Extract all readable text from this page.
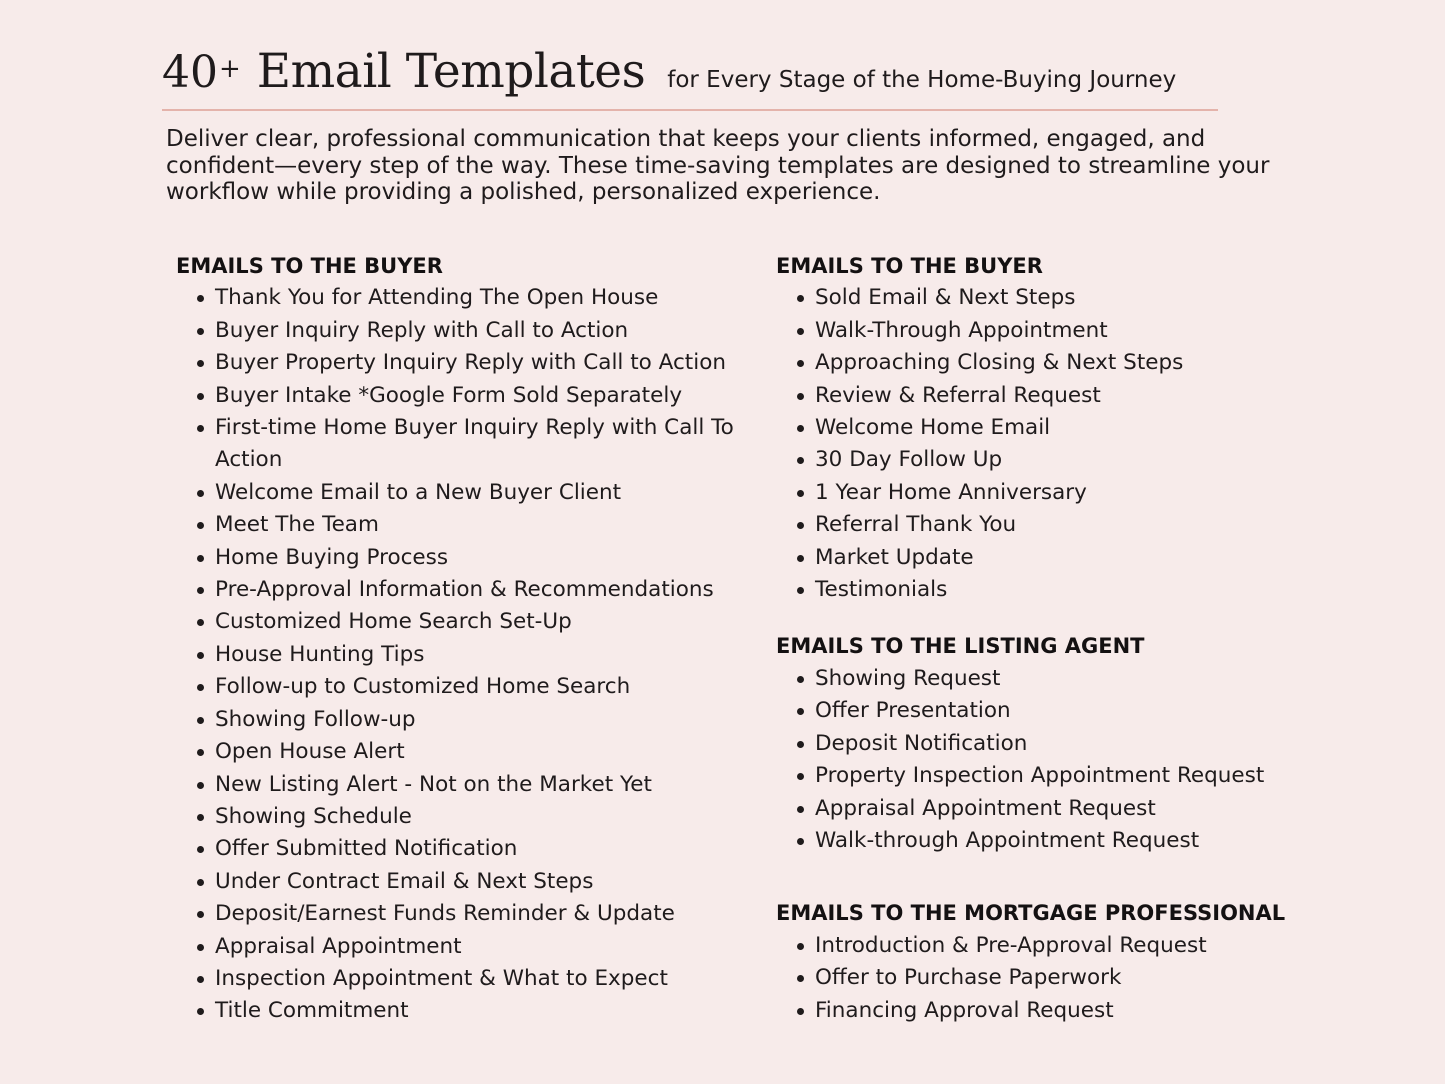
40 + Email Templates for Every Stage of the Home-Buying Journey

Deliver clear, professional communication that keeps your clients informed, engaged, and confident—every step of the way. These time-saving templates are designed to streamline your workflow while providing a polished, personalized experience.

EMAILS TO THE BUYER
Thank You for Attending The Open House
Buyer Inquiry Reply with Call to Action
Buyer Property Inquiry Reply with Call to Action
Buyer Intake *Google Form Sold Separately
First-time Home Buyer Inquiry Reply with Call To Action
Welcome Email to a New Buyer Client
Meet The Team
Home Buying Process
Pre-Approval Information & Recommendations
Customized Home Search Set-Up
House Hunting Tips
Follow-up to Customized Home Search
Showing Follow-up
Open House Alert
New Listing Alert - Not on the Market Yet
Showing Schedule
Offer Submitted Notification
Under Contract Email & Next Steps
Deposit/Earnest Funds Reminder & Update
Appraisal Appointment
Inspection Appointment & What to Expect
Title Commitment
EMAILS TO THE BUYER
Sold Email & Next Steps
Walk-Through Appointment
Approaching Closing & Next Steps
Review & Referral Request
Welcome Home Email
30 Day Follow Up
1 Year Home Anniversary
Referral Thank You
Market Update
Testimonials
EMAILS TO THE LISTING AGENT
Showing Request
Offer Presentation
Deposit Notification
Property Inspection Appointment Request
Appraisal Appointment Request
Walk-through Appointment Request
EMAILS TO THE MORTGAGE PROFESSIONAL
Introduction & Pre-Approval Request
Offer to Purchase Paperwork
Financing Approval Request
